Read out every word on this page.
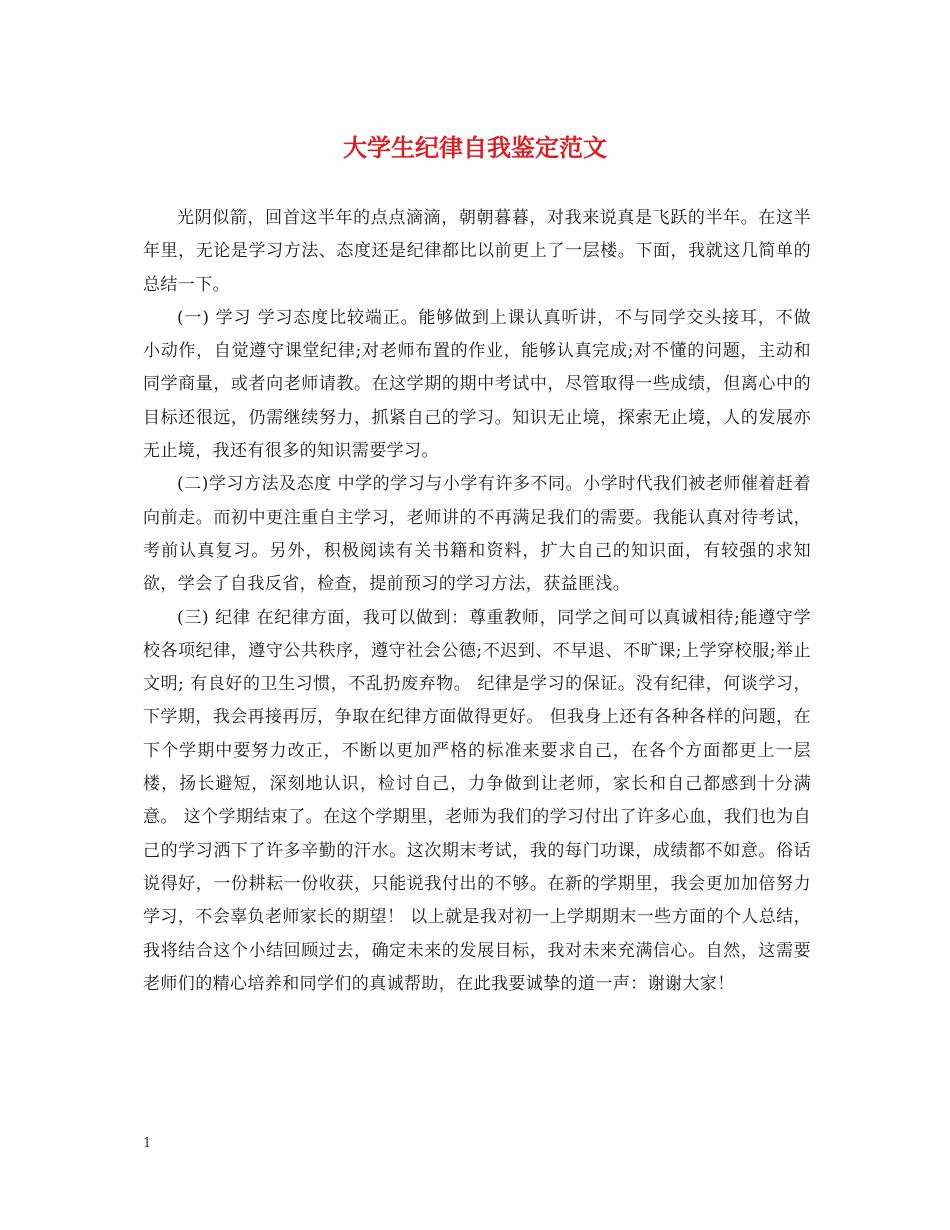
大学生纪律自我鉴定范文

光阴似箭，回首这半年的点点滴滴，朝朝暮暮，对我来说真是飞跃的半年。在这半年里，无论是学习方法、态度还是纪律都比以前更上了一层楼。下面，我就这几简单的总结一下。

(一) 学习 学习态度比较端正。能够做到上课认真听讲，不与同学交头接耳，不做小动作，自觉遵守课堂纪律;对老师布置的作业，能够认真完成;对不懂的问题，主动和同学商量，或者向老师请教。在这学期的期中考试中，尽管取得一些成绩，但离心中的目标还很远，仍需继续努力，抓紧自己的学习。知识无止境，探索无止境，人的发展亦无止境，我还有很多的知识需要学习。

(二)学习方法及态度 中学的学习与小学有许多不同。小学时代我们被老师催着赶着向前走。而初中更注重自主学习，老师讲的不再满足我们的需要。我能认真对待考试，考前认真复习。另外，积极阅读有关书籍和资料，扩大自己的知识面，有较强的求知欲，学会了自我反省，检查，提前预习的学习方法，获益匪浅。

(三) 纪律 在纪律方面，我可以做到：尊重教师，同学之间可以真诚相待;能遵守学校各项纪律，遵守公共秩序，遵守社会公德;不迟到、不早退、不旷课;上学穿校服;举止文明; 有良好的卫生习惯，不乱扔废弃物。 纪律是学习的保证。没有纪律，何谈学习，下学期，我会再接再厉，争取在纪律方面做得更好。 但我身上还有各种各样的问题，在下个学期中要努力改正，不断以更加严格的标准来要求自己，在各个方面都更上一层楼，扬长避短，深刻地认识，检讨自己，力争做到让老师，家长和自己都感到十分满意。 这个学期结束了。在这个学期里，老师为我们的学习付出了许多心血，我们也为自己的学习洒下了许多辛勤的汗水。这次期末考试，我的每门功课，成绩都不如意。俗话说得好，一份耕耘一份收获，只能说我付出的不够。在新的学期里，我会更加加倍努力学习，不会辜负老师家长的期望！ 以上就是我对初一上学期期末一些方面的个人总结，我将结合这个小结回顾过去，确定未来的发展目标，我对未来充满信心。自然，这需要老师们的精心培养和同学们的真诚帮助，在此我要诚挚的道一声：谢谢大家！

1
